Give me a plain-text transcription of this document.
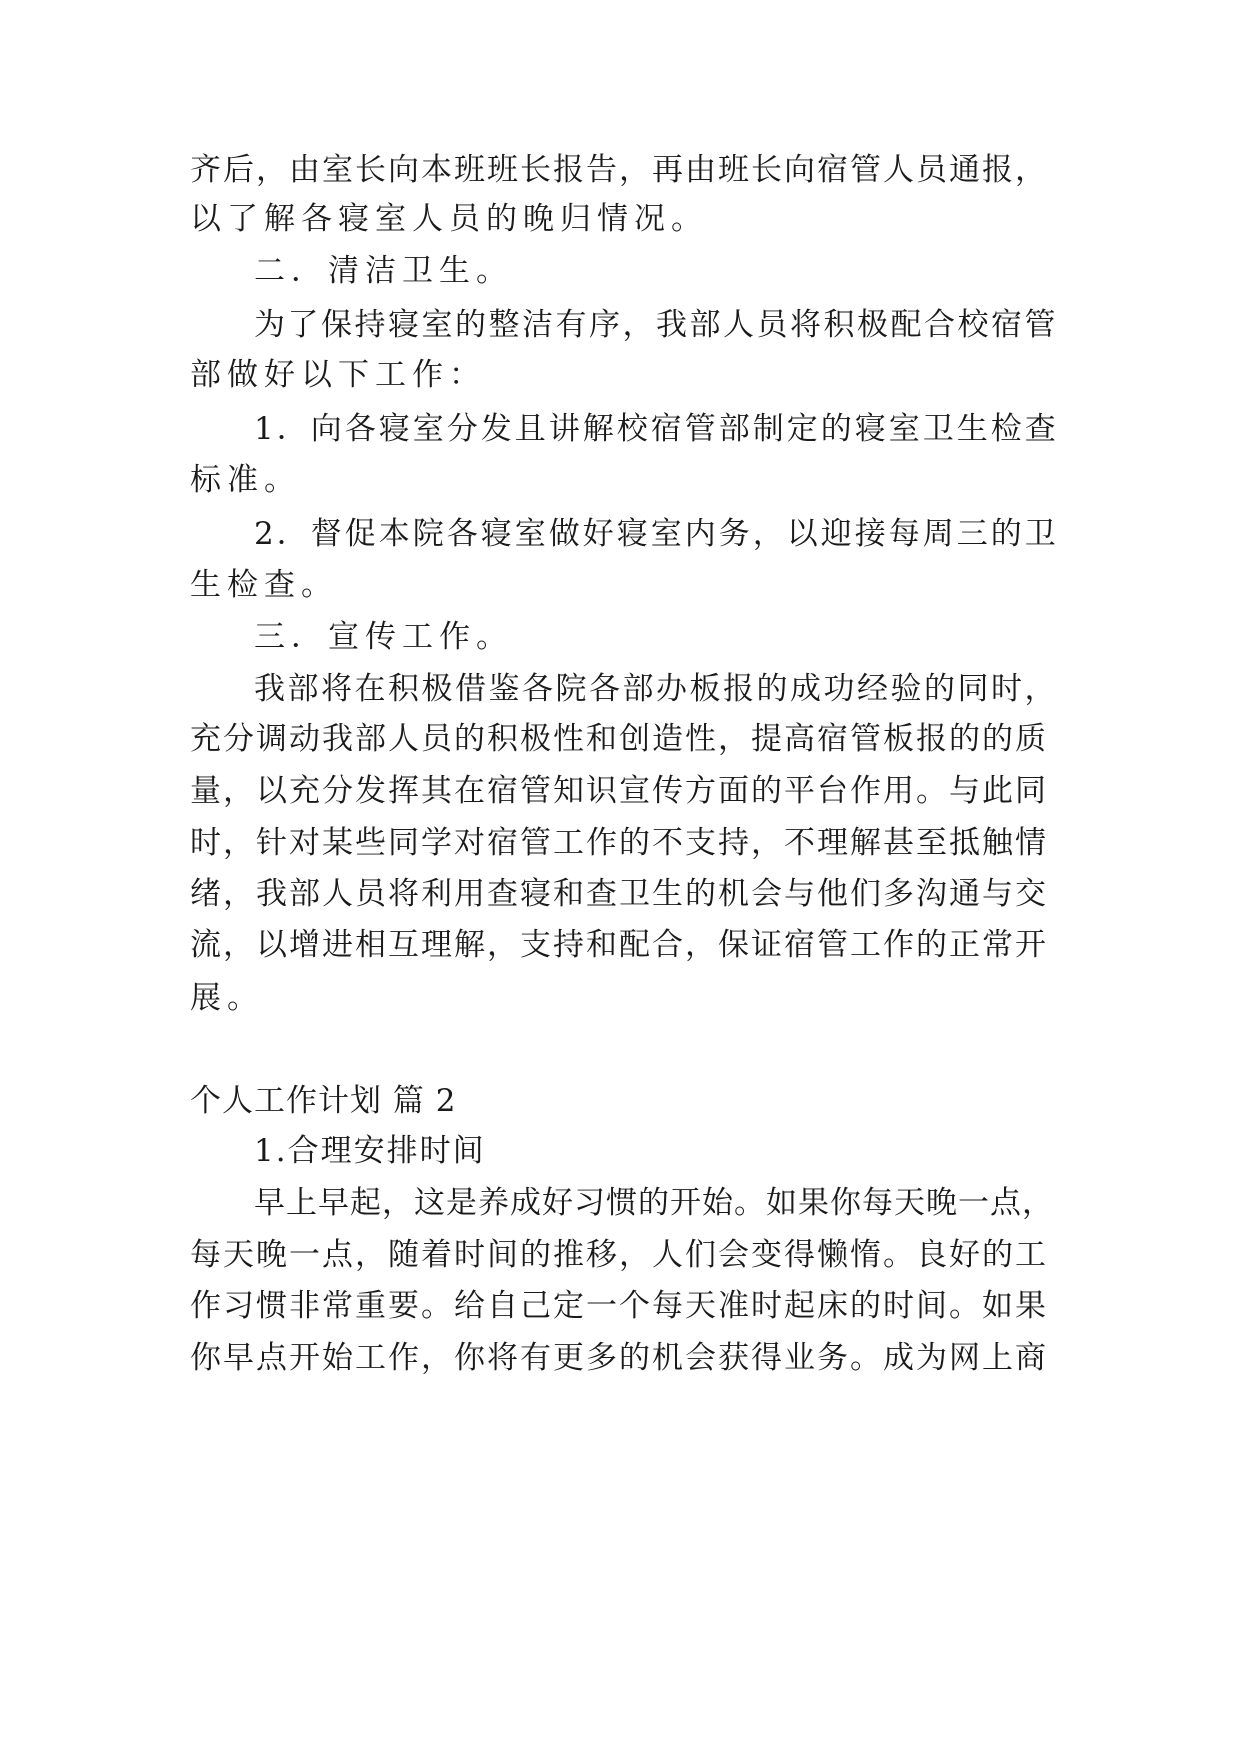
齐后，由室长向本班班长报告，再由班长向宿管人员通报，
以了解各寝室人员的晚归情况。
二．清洁卫生。
为了保持寝室的整洁有序，我部人员将积极配合校宿管
部做好以下工作：
1．向各寝室分发且讲解校宿管部制定的寝室卫生检查
标准。
2．督促本院各寝室做好寝室内务，以迎接每周三的卫
生检查。
三．宣传工作。
我部将在积极借鉴各院各部办板报的成功经验的同时，
充分调动我部人员的积极性和创造性，提高宿管板报的的质
量，以充分发挥其在宿管知识宣传方面的平台作用。与此同
时，针对某些同学对宿管工作的不支持，不理解甚至抵触情
绪，我部人员将利用查寝和查卫生的机会与他们多沟通与交
流，以增进相互理解，支持和配合，保证宿管工作的正常开
展。
个人工作计划 篇 2
1.合理安排时间
早上早起，这是养成好习惯的开始。如果你每天晚一点，
每天晚一点，随着时间的推移，人们会变得懒惰。良好的工
作习惯非常重要。给自己定一个每天准时起床的时间。如果
你早点开始工作，你将有更多的机会获得业务。成为网上商
